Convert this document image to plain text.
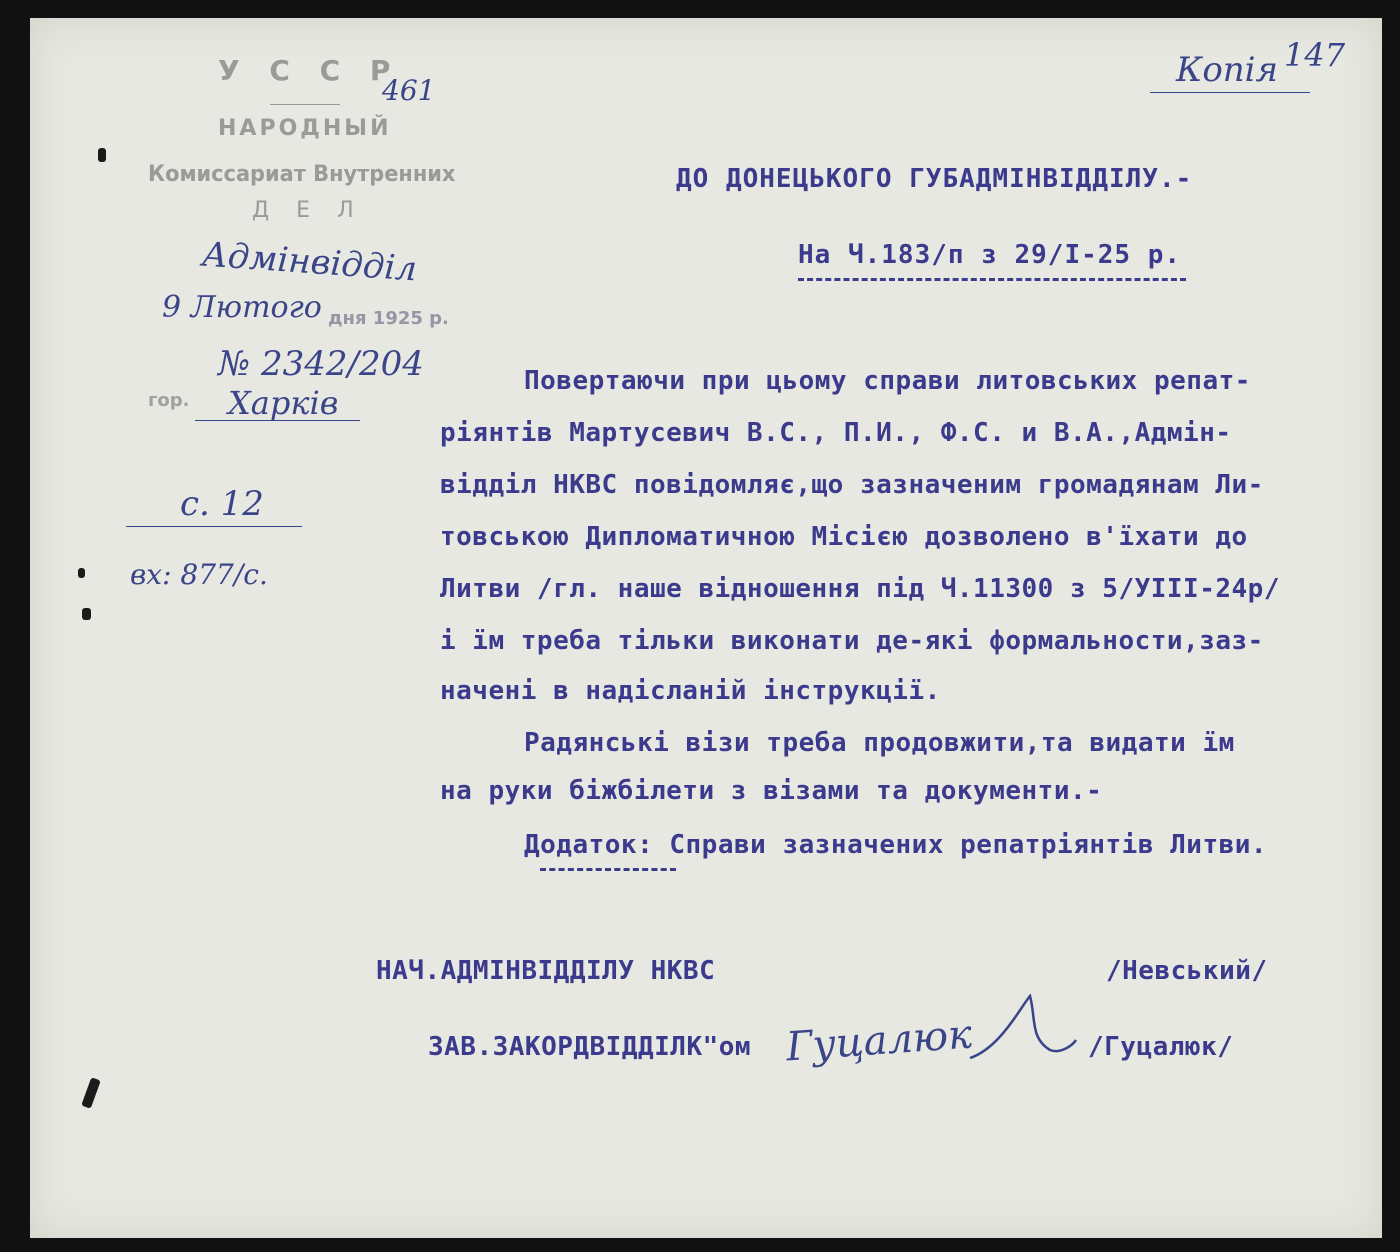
У С С Р
НАРОДНЫЙ
Комиссариат Внутренних
Д Е Л
461
Адмінвідділ
9 Лютого дня 1925 р.
№ 2342/204
гор. Харків
с. 12
вх: 877/с.
Копія 147
ДО ДОНЕЦЬКОГО ГУБАДМІНВІДДІЛУ.-
На Ч.183/п з 29/І-25 р.
Повертаючи при цьому справи литовських репат-
ріянтів Мартусевич В.С., П.И., Ф.С. и В.А.,Адмін-
відділ НКВС повідомляє,що зазначеним громадянам Ли-
товською Дипломатичною Місією дозволено в'їхати до
Литви /гл. наше відношення під Ч.11300 з 5/УІІІ-24р/
і їм треба тільки виконати де-які формальности,заз-
начені в надісланій інструкції.
Радянські візи треба продовжити,та видати їм
на руки біжбілети з візами та документи.-
Додаток: Справи зазначених репатріянтів Литви.
НАЧ.АДМІНВІДДІЛУ НКВС	/Невський/
ЗАВ.ЗАКОРДВІДДІЛК"ом Гуцалюк	/Гуцалюк/
